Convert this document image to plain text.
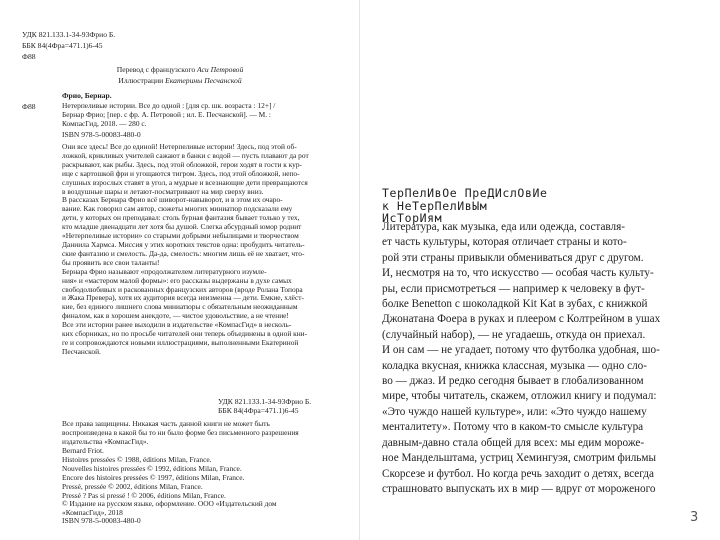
УДК 821.133.1-34-93Фрио Б.
ББК 84(4Фра=471.1)6-45
Ф88
Перевод с французского Аси Петровой
Иллюстрации Екатерины Песчанской
Фрио, Бернар.
Ф88	Нетерпеливые истории. Все до одной : [для ср. шк. возраста : 12+] /
Бернар Фрио; [пер. с фр. А. Петровой ; ил. Е. Песчанской]. — М. :
КомпасГид, 2018. — 280 с.
ISBN 978-5-00083-480-0
Они все здесь! Все до единой! Нетерпеливые истории! Здесь, под этой об-
ложкой, крикливых учителей сажают в банки с водой — пусть плавают да рот
раскрывают, как рыбы. Здесь, под этой обложкой, герои ходят в гости к кур-
ице с картошкой фри и угощаются тигром. Здесь, под этой обложкой, непо-
слушных взрослых ставят в угол, а мудрые и всезнающие дети превращаются
в воздушные шары и летают-посматривают на мир сверху вниз.
В рассказах Бернара Фрио всё шиворот-навыворот, и в этом их очаро-
вание. Как говорил сам автор, сюжеты многих миниатюр подсказали ему
дети, у которых он преподавал: столь бурная фантазия бывает только у тех,
кто младше двенадцати лет хотя бы душой. Слегка абсурдный юмор роднит
«Нетерпеливые истории» со старыми добрыми небылицами и творчеством
Даниила Хармса. Миссия у этих коротких текстов одна: пробудить читатель-
ские фантазию и смелость. Да-да, смелость: многим лишь её не хватает, что-
бы проявить все свои таланты!
Бернара Фрио называют «продолжателем литературного изумле-
ния» и «мастером малой формы»: его рассказы выдержаны в духе самых
свободолюбивых и раскованных французских авторов (вроде Ролана Топора
и Жака Превера), хотя их аудитория всегда неизменна — дети. Емкие, хлёст-
кие, без единого лишнего слова миниатюры с обязательным неожиданным
финалом, как в хорошем анекдоте, — чистое удовольствие, а не чтение!
Все эти истории ранее выходили в издательстве «КомпасГид» в несколь-
ких сборниках, но по просьбе читателей они теперь объединены в одной кни-
ге и сопровождаются новыми иллюстрациями, выполненными Екатериной
Песчанской.
УДК 821.133.1-34-93Фрио Б.
ББК 84(4Фра=471.1)6-45
Все права защищены. Никакая часть данной книги не может быть
воспроизведена в какой бы то ни было форме без письменного разрешения
издательства «КомпасГид».
Bernard Friot.
Histoires pressées © 1988, éditions Milan, France.
Nouvelles histoires pressées © 1992, éditions Milan, France.
Encore des histoires pressées © 1997, éditions Milan, France.
Pressé, pressée © 2002, éditions Milan, France.
Pressé ? Pas si pressé ! © 2006, éditions Milan, France.
© Издание на русском языке, оформление. ООО «Издательский дом
«КомпасГид», 2018
ISBN 978-5-00083-480-0
ТерПелИвОе ПреДИслОвИе
к НеТерПелИвЫм
ИсТорИям
Литература, как музыка, еда или одежда, составля-
ет часть культуры, которая отличает страны и кото-
рой эти страны привыкли обмениваться друг с другом.
И, несмотря на то, что искусство — особая часть культу-
ры, если присмотреться — например к человеку в фут-
болке Benetton с шоколадкой Kit Kat в зубах, с книжкой
Джонатана Фоера в руках и плеером с Колтрейном в ушах
(случайный набор), — не угадаешь, откуда он приехал.
И он сам — не угадает, потому что футболка удобная, шо-
коладка вкусная, книжка классная, музыка — одно сло-
во — джаз. И редко сегодня бывает в глобализованном
мире, чтобы читатель, скажем, отложил книгу и подумал:
«Это чуждо нашей культуре», или: «Это чуждо нашему
менталитету». Потому что в каком-то смысле культура
давным-давно стала общей для всех: мы едим мороже-
ное Мандельштама, устриц Хемингуэя, смотрим фильмы
Скорсезе и футбол. Но когда речь заходит о детях, всегда
страшновато выпускать их в мир — вдруг от мороженого
3
